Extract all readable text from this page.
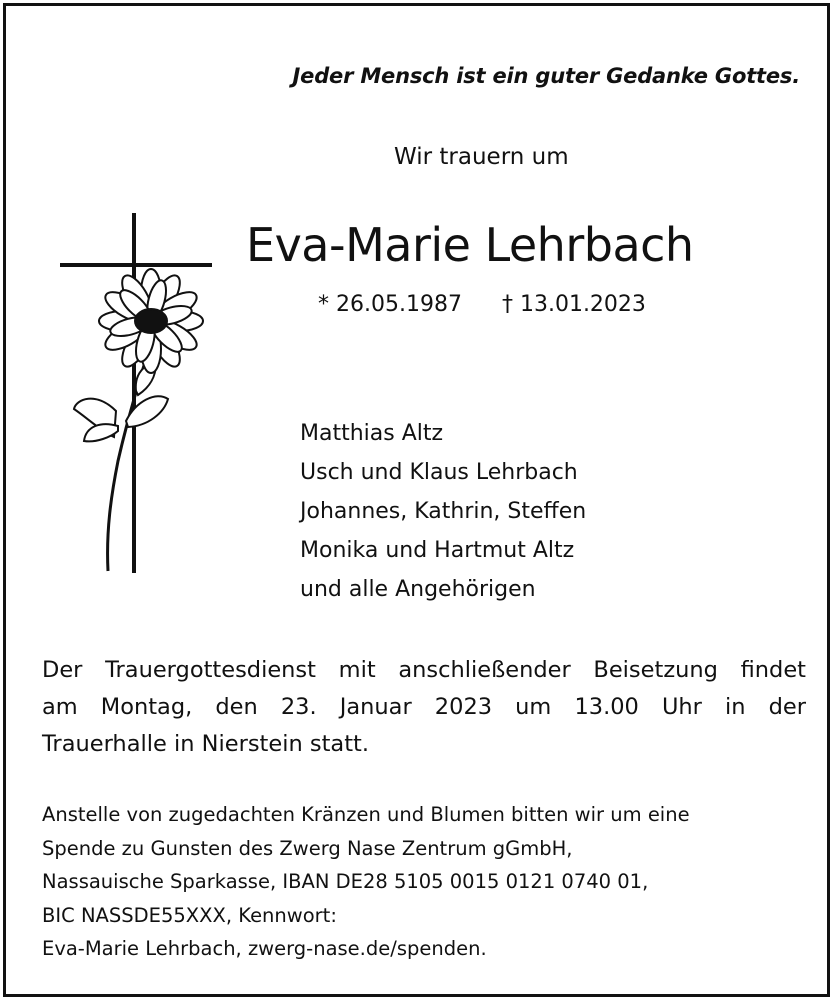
Jeder Mensch ist ein guter Gedanke Gottes.
Wir trauern um
Eva-Marie Lehrbach
* 26.05.1987 † 13.01.2023
Matthias Altz
Usch und Klaus Lehrbach
Johannes, Kathrin, Steffen
Monika und Hartmut Altz
und alle Angehörigen
Der Trauergottesdienst mit anschließender Beisetzung findet
am Montag, den 23. Januar 2023 um 13.00 Uhr in der
Trauerhalle in Nierstein statt.
Anstelle von zugedachten Kränzen und Blumen bitten wir um eine
Spende zu Gunsten des Zwerg Nase Zentrum gGmbH,
Nassauische Sparkasse, IBAN DE28 5105 0015 0121 0740 01,
BIC NASSDE55XXX, Kennwort:
Eva-Marie Lehrbach, zwerg-nase.de/spenden.
